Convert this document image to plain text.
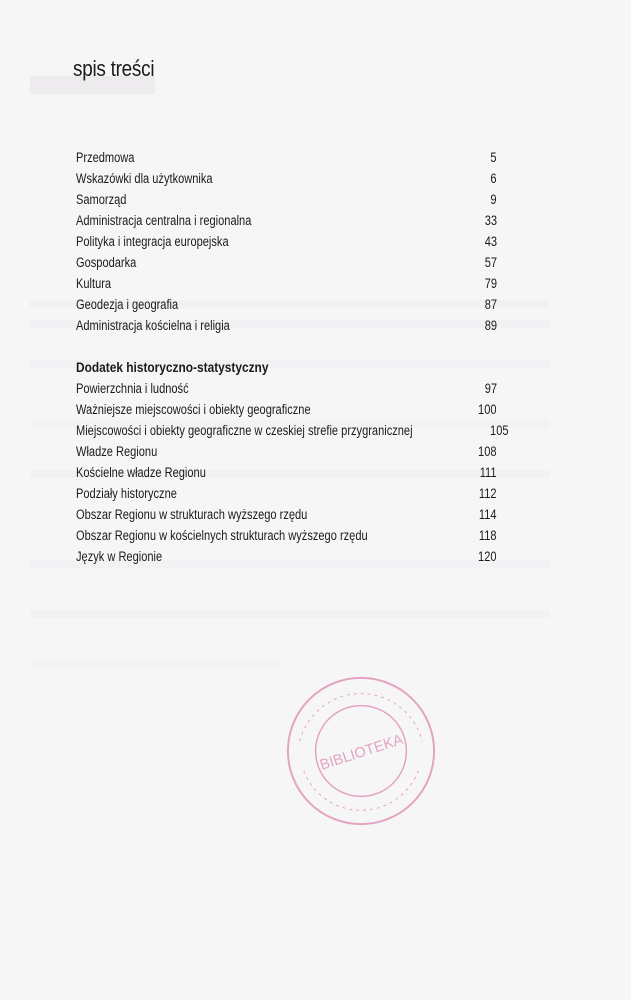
spis treści
Przedmowa	5
Wskazówki dla użytkownika	6
Samorząd	9
Administracja centralna i regionalna	33
Polityka i integracja europejska	43
Gospodarka	57
Kultura	79
Geodezja i geografia	87
Administracja kościelna i religia	89
Dodatek historyczno-statystyczny
Powierzchnia i ludność	97
Ważniejsze miejscowości i obiekty geograficzne	100
Miejscowości i obiekty geograficzne w czeskiej strefie przygranicznej	105
Władze Regionu	108
Kościelne władze Regionu	111
Podziały historyczne	112
Obszar Regionu w strukturach wyższego rzędu	114
Obszar Regionu w kościelnych strukturach wyższego rzędu	118
Język w Regionie	120
BIBLIOTEKA
